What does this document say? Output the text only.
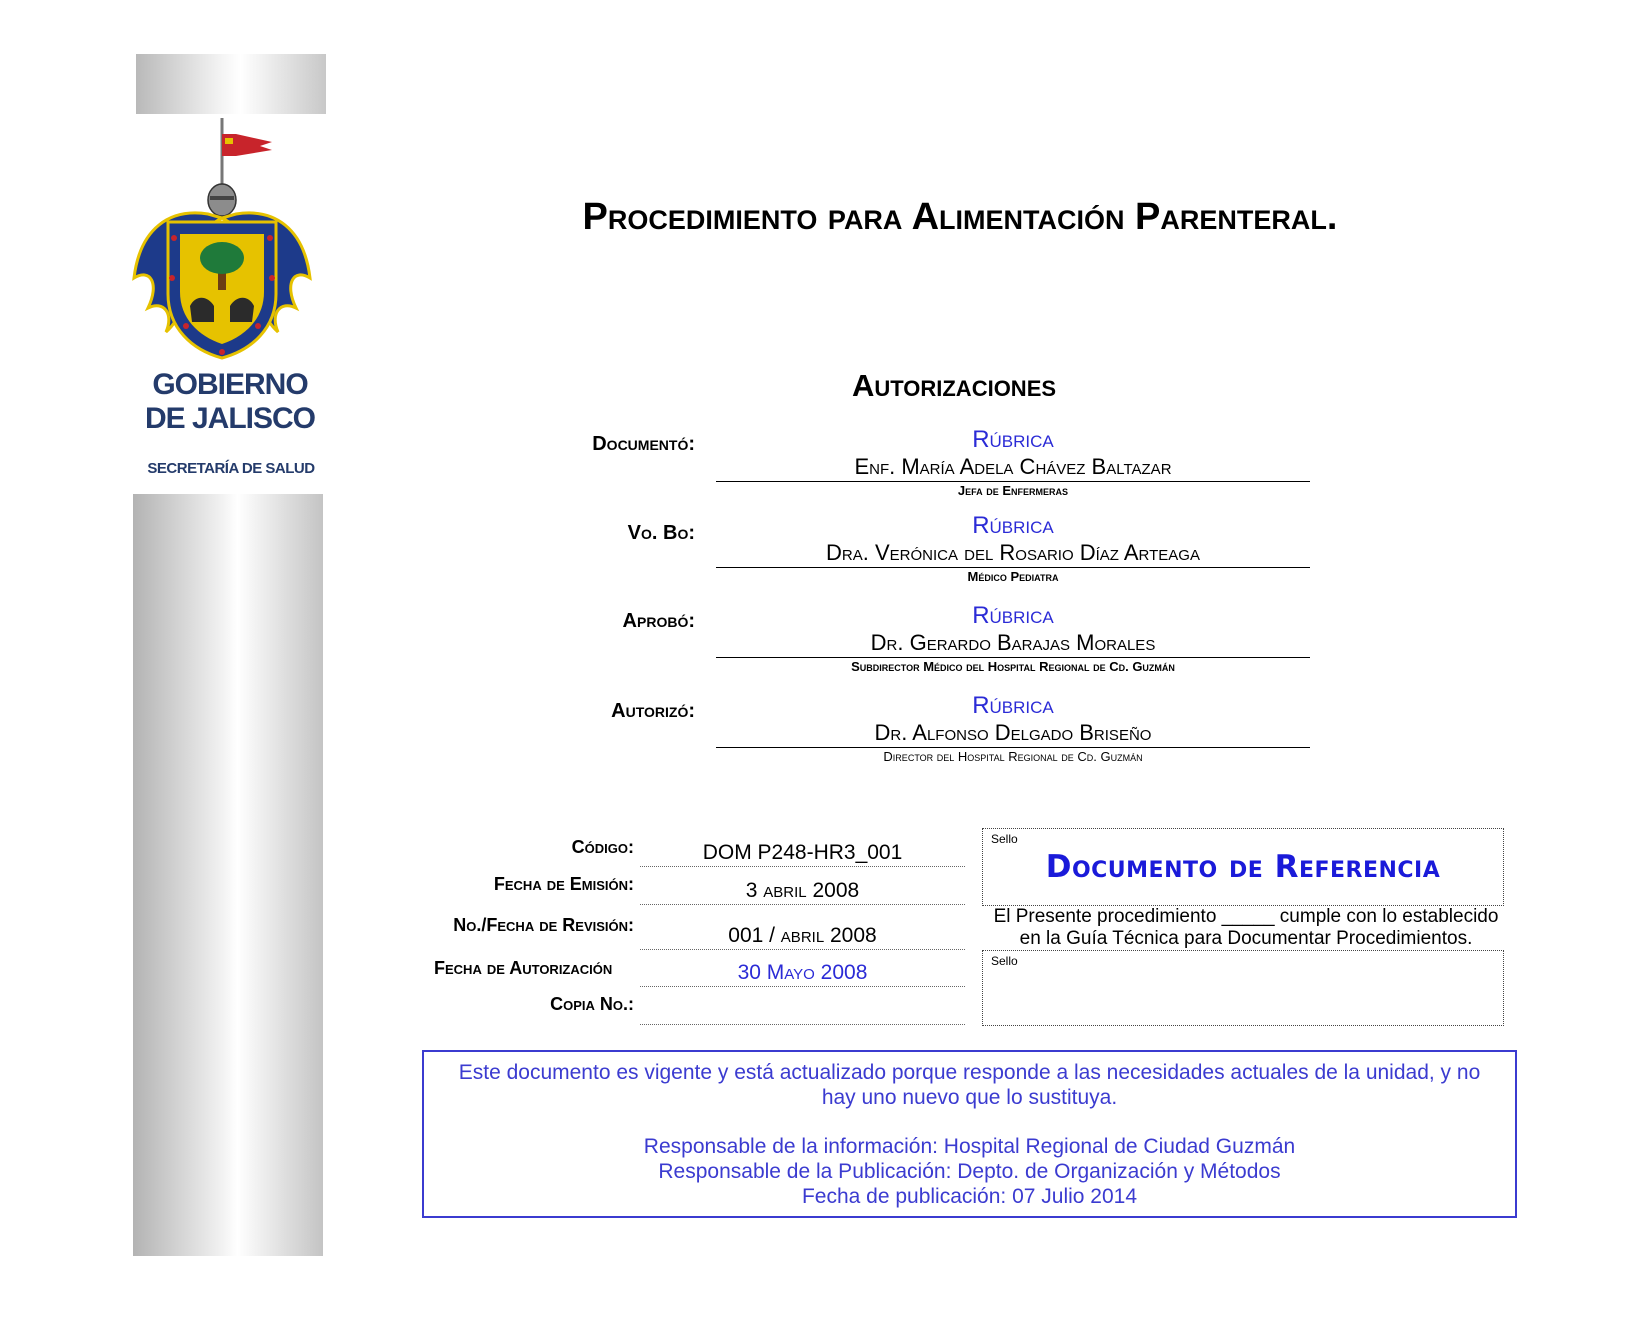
GOBIERNO DE JALISCO
SECRETARÍA DE SALUD
Procedimiento para Alimentación Parenteral.
Autorizaciones
Documentó:	Rúbrica
Enf. María Adela Chávez Baltazar
Jefa de Enfermeras
Vo. Bo:	Rúbrica
Dra. Verónica del Rosario Díaz Arteaga
Médico Pediatra
Aprobó:	Rúbrica
Dr. Gerardo Barajas Morales
Subdirector Médico del Hospital Regional de Cd. Guzmán
Autorizó:	Rúbrica
Dr. Alfonso Delgado Briseño
Director del Hospital Regional de Cd. Guzmán
Código:	DOM P248-HR3_001
Fecha de Emisión:	3 abril 2008
No./Fecha de Revisión:	001 / abril 2008
Fecha de Autorización	30 Mayo 2008
Copia No.:
Sello
Documento de Referencia
El Presente procedimiento _____ cumple con lo establecido
en la Guía Técnica para Documentar Procedimientos.
Sello
Este documento es vigente y está actualizado porque responde a las necesidades actuales de la unidad, y no
hay uno nuevo que lo sustituya.
Responsable de la información: Hospital Regional de Ciudad Guzmán
Responsable de la Publicación: Depto. de Organización y Métodos
Fecha de publicación: 07 Julio 2014
